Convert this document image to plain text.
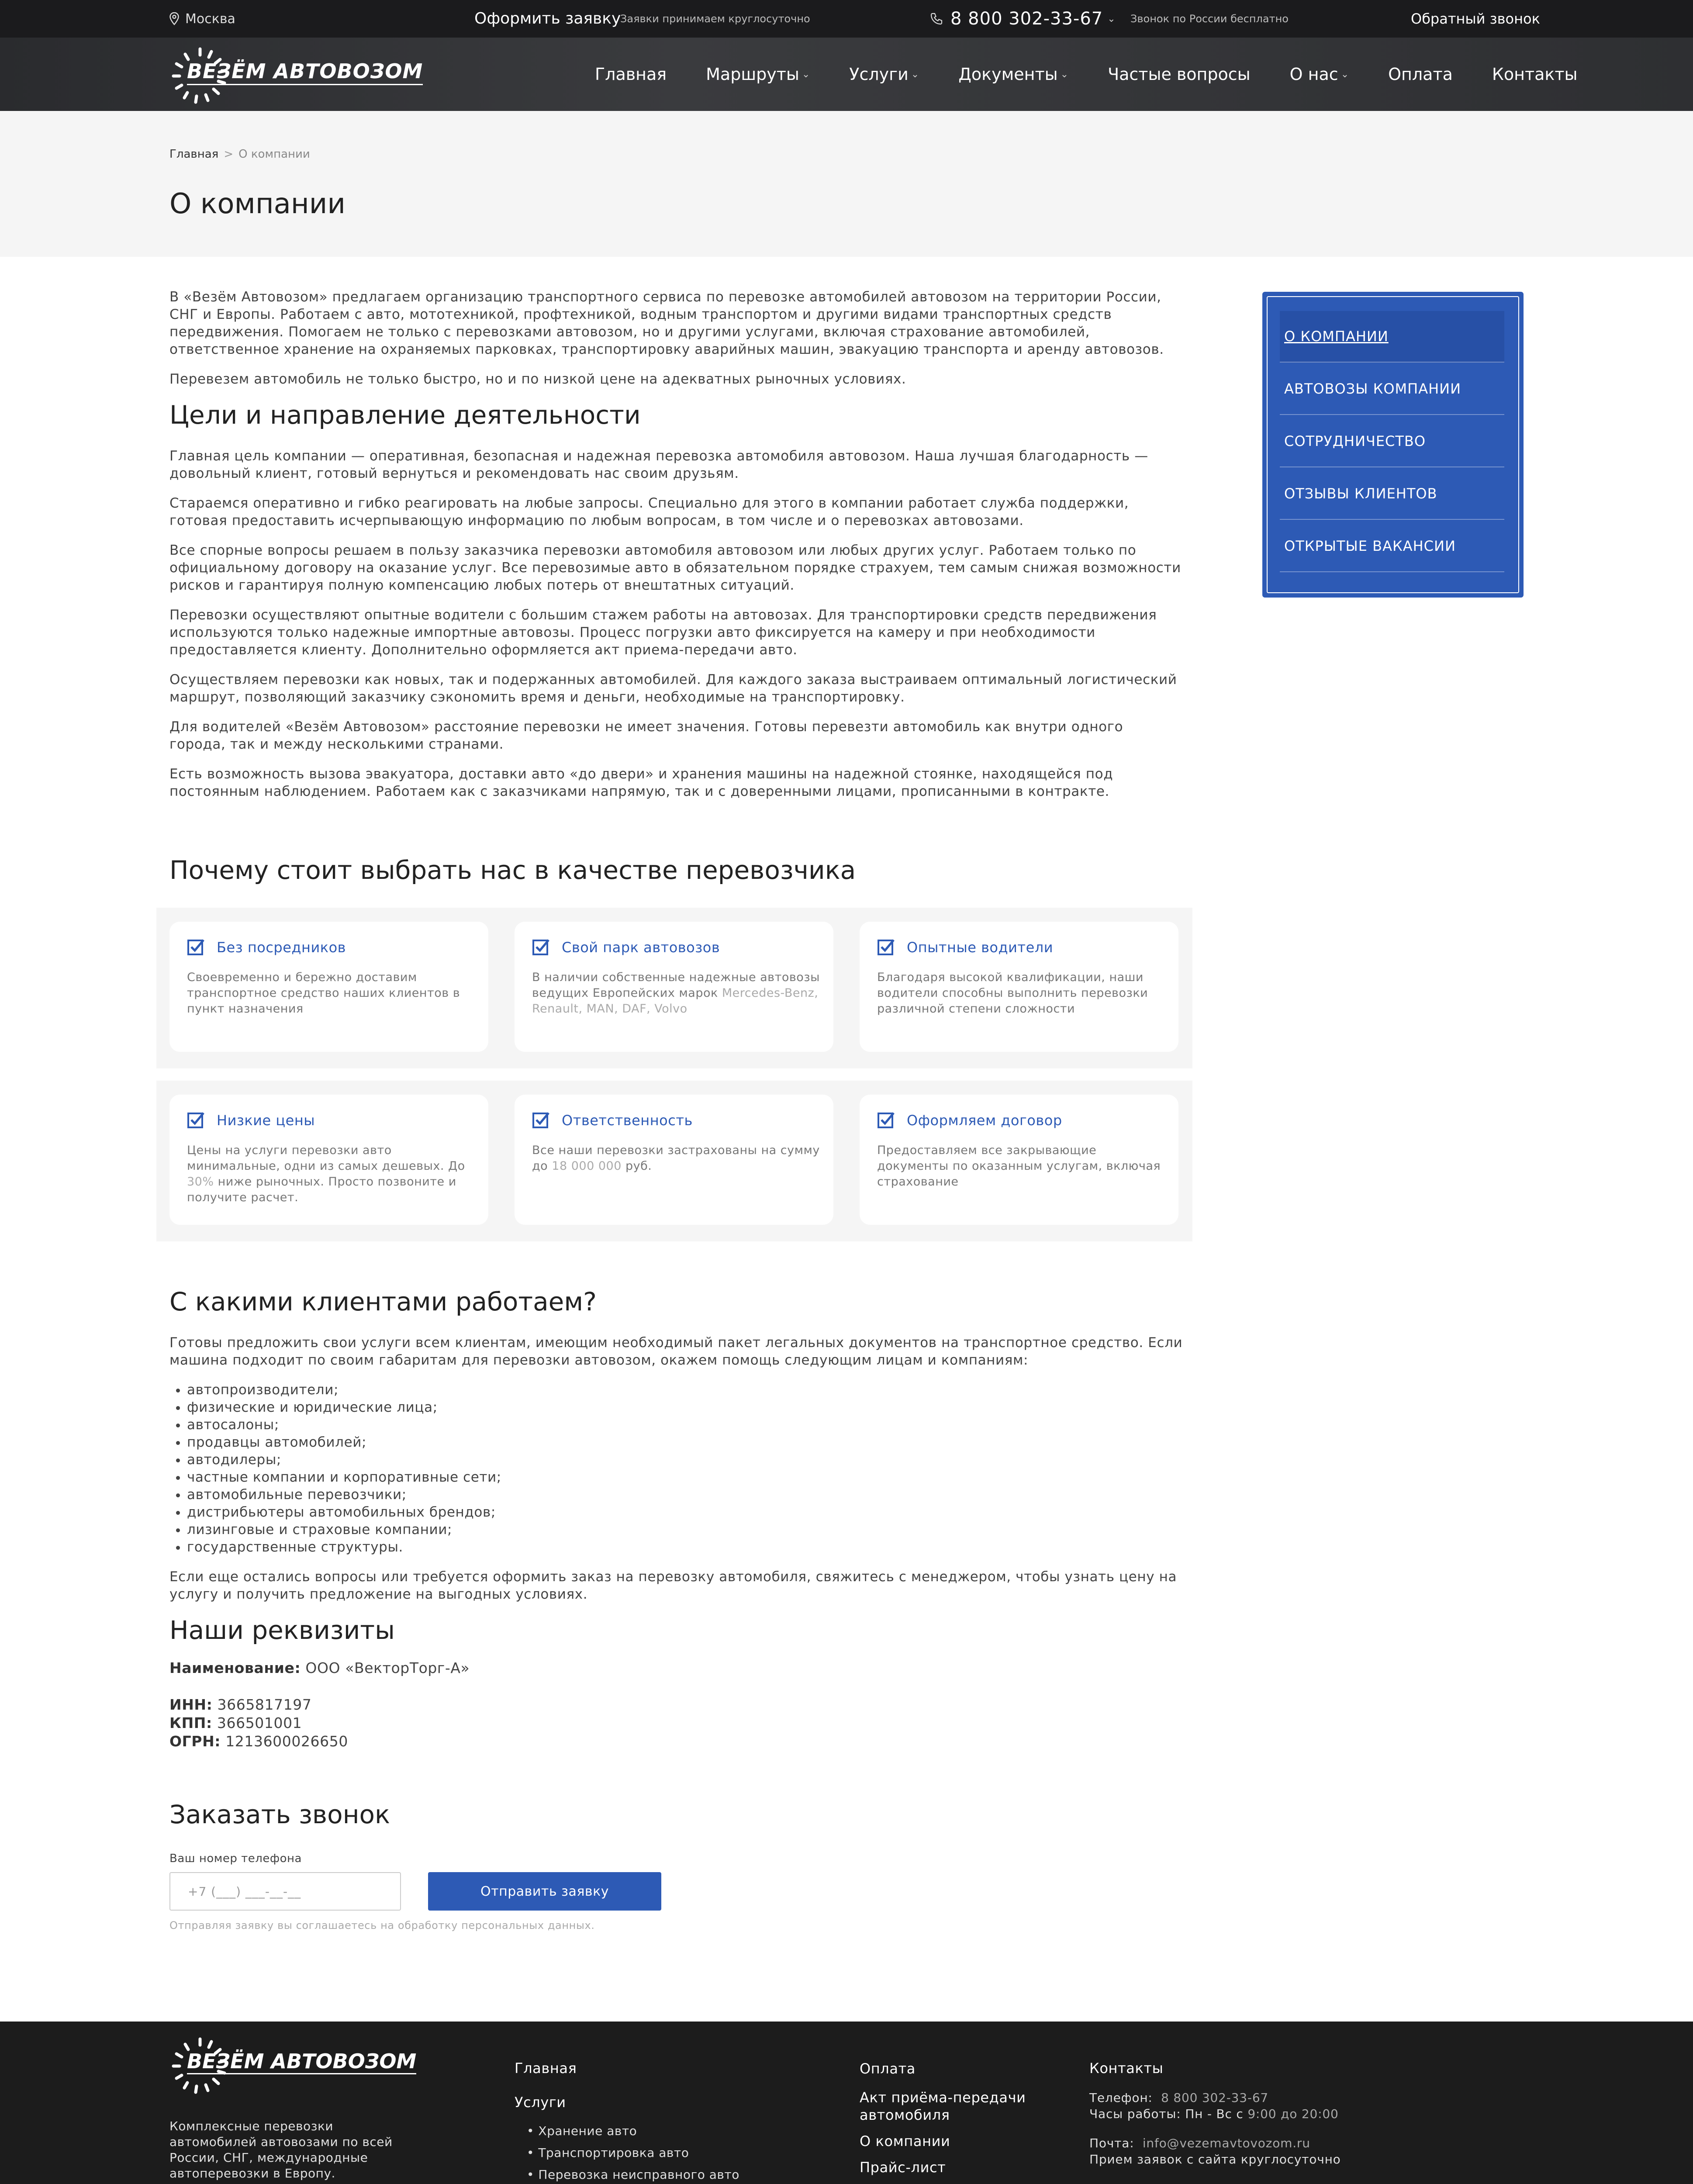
Москва	Оформить заявку
Заявки принимаем круглосуточно	8 800 302-33-67 ⌄ Звонок по России бесплатно	Обратный звонок
ВЕЗЁМ АВТОВОЗОМ	Главная Маршруты ⌄ Услуги ⌄ Документы ⌄ Частые вопросы О нас ⌄ Оплата Контакты
Главная > О компании
О компании
О КОМПАНИИ
АВТОВОЗЫ КОМПАНИИ
СОТРУДНИЧЕСТВО
ОТЗЫВЫ КЛИЕНТОВ
ОТКРЫТЫЕ ВАКАНСИИ

В «Везём Автовозом» предлагаем организацию транспортного сервиса по перевозке автомобилей автовозом на территории России, СНГ и Европы. Работаем с авто, мототехникой, профтехникой, водным транспортом и другими видами транспортных средств передвижения. Помогаем не только с перевозками автовозом, но и другими услугами, включая страхование автомобилей, ответственное хранение на охраняемых парковках, транспортировку аварийных машин, эвакуацию транспорта и аренду автовозов.

Перевезем автомобиль не только быстро, но и по низкой цене на адекватных рыночных условиях.

Цели и направление деятельности

Главная цель компании — оперативная, безопасная и надежная перевозка автомобиля автовозом. Наша лучшая благодарность — довольный клиент, готовый вернуться и рекомендовать нас своим друзьям.

Стараемся оперативно и гибко реагировать на любые запросы. Специально для этого в компании работает служба поддержки, готовая предоставить исчерпывающую информацию по любым вопросам, в том числе и о перевозках автовозами.

Все спорные вопросы решаем в пользу заказчика перевозки автомобиля автовозом или любых других услуг. Работаем только по официальному договору на оказание услуг. Все перевозимые авто в обязательном порядке страхуем, тем самым снижая возможности рисков и гарантируя полную компенсацию любых потерь от внештатных ситуаций.

Перевозки осуществляют опытные водители с большим стажем работы на автовозах. Для транспортировки средств передвижения используются только надежные импортные автовозы. Процесс погрузки авто фиксируется на камеру и при необходимости предоставляется клиенту. Дополнительно оформляется акт приема-передачи авто.

Осуществляем перевозки как новых, так и подержанных автомобилей. Для каждого заказа выстраиваем оптимальный логистический маршрут, позволяющий заказчику сэкономить время и деньги, необходимые на транспортировку.

Для водителей «Везём Автовозом» расстояние перевозки не имеет значения. Готовы перевезти автомобиль как внутри одного города, так и между несколькими странами.

Есть возможность вызова эвакуатора, доставки авто «до двери» и хранения машины на надежной стоянке, находящейся под постоянным наблюдением. Работаем как с заказчиками напрямую, так и с доверенными лицами, прописанными в контракте.

Почему стоит выбрать нас в качестве перевозчика
Без посредников
Своевременно и бережно доставим транспортное средство наших клиентов в пункт назначения
Свой парк автовозов
В наличии собственные надежные автовозы ведущих Европейских марок Mercedes-Benz, Renault, MAN, DAF, Volvo
Опытные водители
Благодаря высокой квалификации, наши водители способны выполнить перевозки различной степени сложности
Низкие цены
Цены на услуги перевозки авто минимальные, одни из самых дешевых. До 30% ниже рыночных. Просто позвоните и получите расчет.
Ответственность
Все наши перевозки застрахованы на сумму до 18 000 000 руб.
Оформляем договор
Предоставляем все закрывающие документы по оказанным услугам, включая страхование
С какими клиентами работаем?

Готовы предложить свои услуги всем клиентам, имеющим необходимый пакет легальных документов на транспортное средство. Если машина подходит по своим габаритам для перевозки автовозом, окажем помощь следующим лицам и компаниям:

• автопроизводители;
• физические и юридические лица;
• автосалоны;
• продавцы автомобилей;
• автодилеры;
• частные компании и корпоративные сети;
• автомобильные перевозчики;
• дистрибьютеры автомобильных брендов;
• лизинговые и страховые компании;
• государственные структуры.

Если еще остались вопросы или требуется оформить заказ на перевозку автомобиля, свяжитесь с менеджером, чтобы узнать цену на услугу и получить предложение на выгодных условиях.

Наши реквизиты

Наименование: ООО «ВекторТорг-А»

ИНН: 3665817197

КПП: 366501001

ОГРН: 1213600026650

Заказать звонок
Ваш номер телефона
+7 (___) ___-__-__	Отправить заявку
Отправляя заявку вы соглашаетесь на обработку персональных данных.
ВЕЗЁМ АВТОВОЗОМ
Комплексные перевозки автомобилей автовозами по всей России, СНГ, международные автоперевозки в Европу.
Главная
Услуги
• Хранение авто
• Транспортировка авто
• Перевозка неисправного авто
Оплата
Акт приёма-передачи автомобиля
О компании
Прайс-лист
Контакты
Телефон: 8 800 302-33-67
Часы работы: Пн - Вс с 9:00 до 20:00
Почта: info@vezemavtovozom.ru
Прием заявок с сайта круглосуточно
